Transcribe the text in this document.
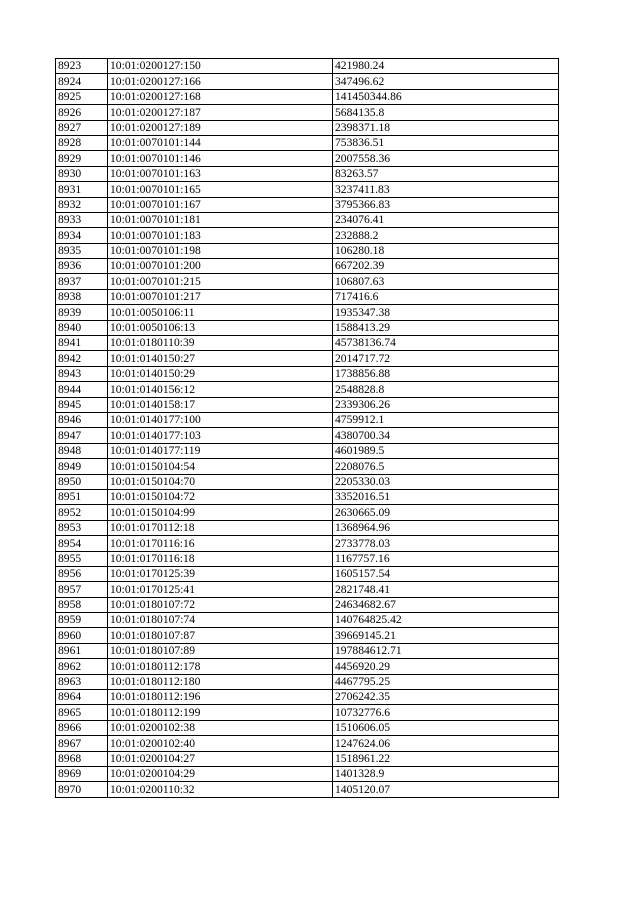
8923	10:01:0200127:150	421980.24
8924	10:01:0200127:166	347496.62
8925	10:01:0200127:168	141450344.86
8926	10:01:0200127:187	5684135.8
8927	10:01:0200127:189	2398371.18
8928	10:01:0070101:144	753836.51
8929	10:01:0070101:146	2007558.36
8930	10:01:0070101:163	83263.57
8931	10:01:0070101:165	3237411.83
8932	10:01:0070101:167	3795366.83
8933	10:01:0070101:181	234076.41
8934	10:01:0070101:183	232888.2
8935	10:01:0070101:198	106280.18
8936	10:01:0070101:200	667202.39
8937	10:01:0070101:215	106807.63
8938	10:01:0070101:217	717416.6
8939	10:01:0050106:11	1935347.38
8940	10:01:0050106:13	1588413.29
8941	10:01:0180110:39	45738136.74
8942	10:01:0140150:27	2014717.72
8943	10:01:0140150:29	1738856.88
8944	10:01:0140156:12	2548828.8
8945	10:01:0140158:17	2339306.26
8946	10:01:0140177:100	4759912.1
8947	10:01:0140177:103	4380700.34
8948	10:01:0140177:119	4601989.5
8949	10:01:0150104:54	2208076.5
8950	10:01:0150104:70	2205330.03
8951	10:01:0150104:72	3352016.51
8952	10:01:0150104:99	2630665.09
8953	10:01:0170112:18	1368964.96
8954	10:01:0170116:16	2733778.03
8955	10:01:0170116:18	1167757.16
8956	10:01:0170125:39	1605157.54
8957	10:01:0170125:41	2821748.41
8958	10:01:0180107:72	24634682.67
8959	10:01:0180107:74	140764825.42
8960	10:01:0180107:87	39669145.21
8961	10:01:0180107:89	197884612.71
8962	10:01:0180112:178	4456920.29
8963	10:01:0180112:180	4467795.25
8964	10:01:0180112:196	2706242.35
8965	10:01:0180112:199	10732776.6
8966	10:01:0200102:38	1510606.05
8967	10:01:0200102:40	1247624.06
8968	10:01:0200104:27	1518961.22
8969	10:01:0200104:29	1401328.9
8970	10:01:0200110:32	1405120.07
